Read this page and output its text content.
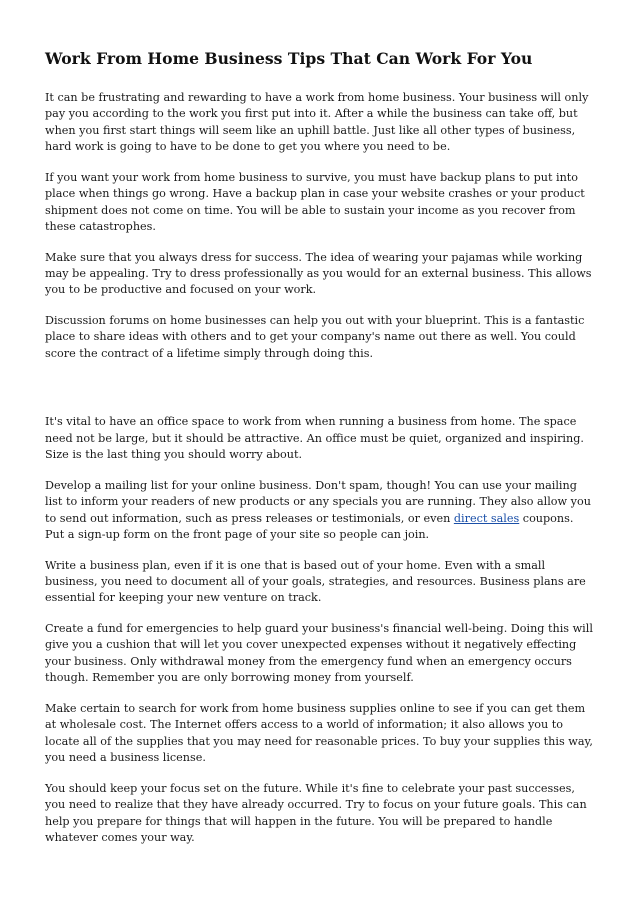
Work From Home Business Tips That Can Work For You

It can be frustrating and rewarding to have a work from home business. Your business will only pay you according to the work you first put into it. After a while the business can take off, but when you first start things will seem like an uphill battle. Just like all other types of business, hard work is going to have to be done to get you where you need to be.

If you want your work from home business to survive, you must have backup plans to put into place when things go wrong. Have a backup plan in case your website crashes or your product shipment does not come on time. You will be able to sustain your income as you recover from these catastrophes.

Make sure that you always dress for success. The idea of wearing your pajamas while working may be appealing. Try to dress professionally as you would for an external business. This allows you to be productive and focused on your work.

Discussion forums on home businesses can help you out with your blueprint. This is a fantastic place to share ideas with others and to get your company's name out there as well. You could score the contract of a lifetime simply through doing this.

It's vital to have an office space to work from when running a business from home. The space need not be large, but it should be attractive. An office must be quiet, organized and inspiring. Size is the last thing you should worry about.

Develop a mailing list for your online business. Don't spam, though! You can use your mailing list to inform your readers of new products or any specials you are running. They also allow you to send out information, such as press releases or testimonials, or even direct sales coupons. Put a sign-up form on the front page of your site so people can join.

Write a business plan, even if it is one that is based out of your home. Even with a small business, you need to document all of your goals, strategies, and resources. Business plans are essential for keeping your new venture on track.

Create a fund for emergencies to help guard your business's financial well-being. Doing this will give you a cushion that will let you cover unexpected expenses without it negatively effecting your business. Only withdrawal money from the emergency fund when an emergency occurs though. Remember you are only borrowing money from yourself.

Make certain to search for work from home business supplies online to see if you can get them at wholesale cost. The Internet offers access to a world of information; it also allows you to locate all of the supplies that you may need for reasonable prices. To buy your supplies this way, you need a business license.

You should keep your focus set on the future. While it's fine to celebrate your past successes, you need to realize that they have already occurred. Try to focus on your future goals. This can help you prepare for things that will happen in the future. You will be prepared to handle whatever comes your way.
